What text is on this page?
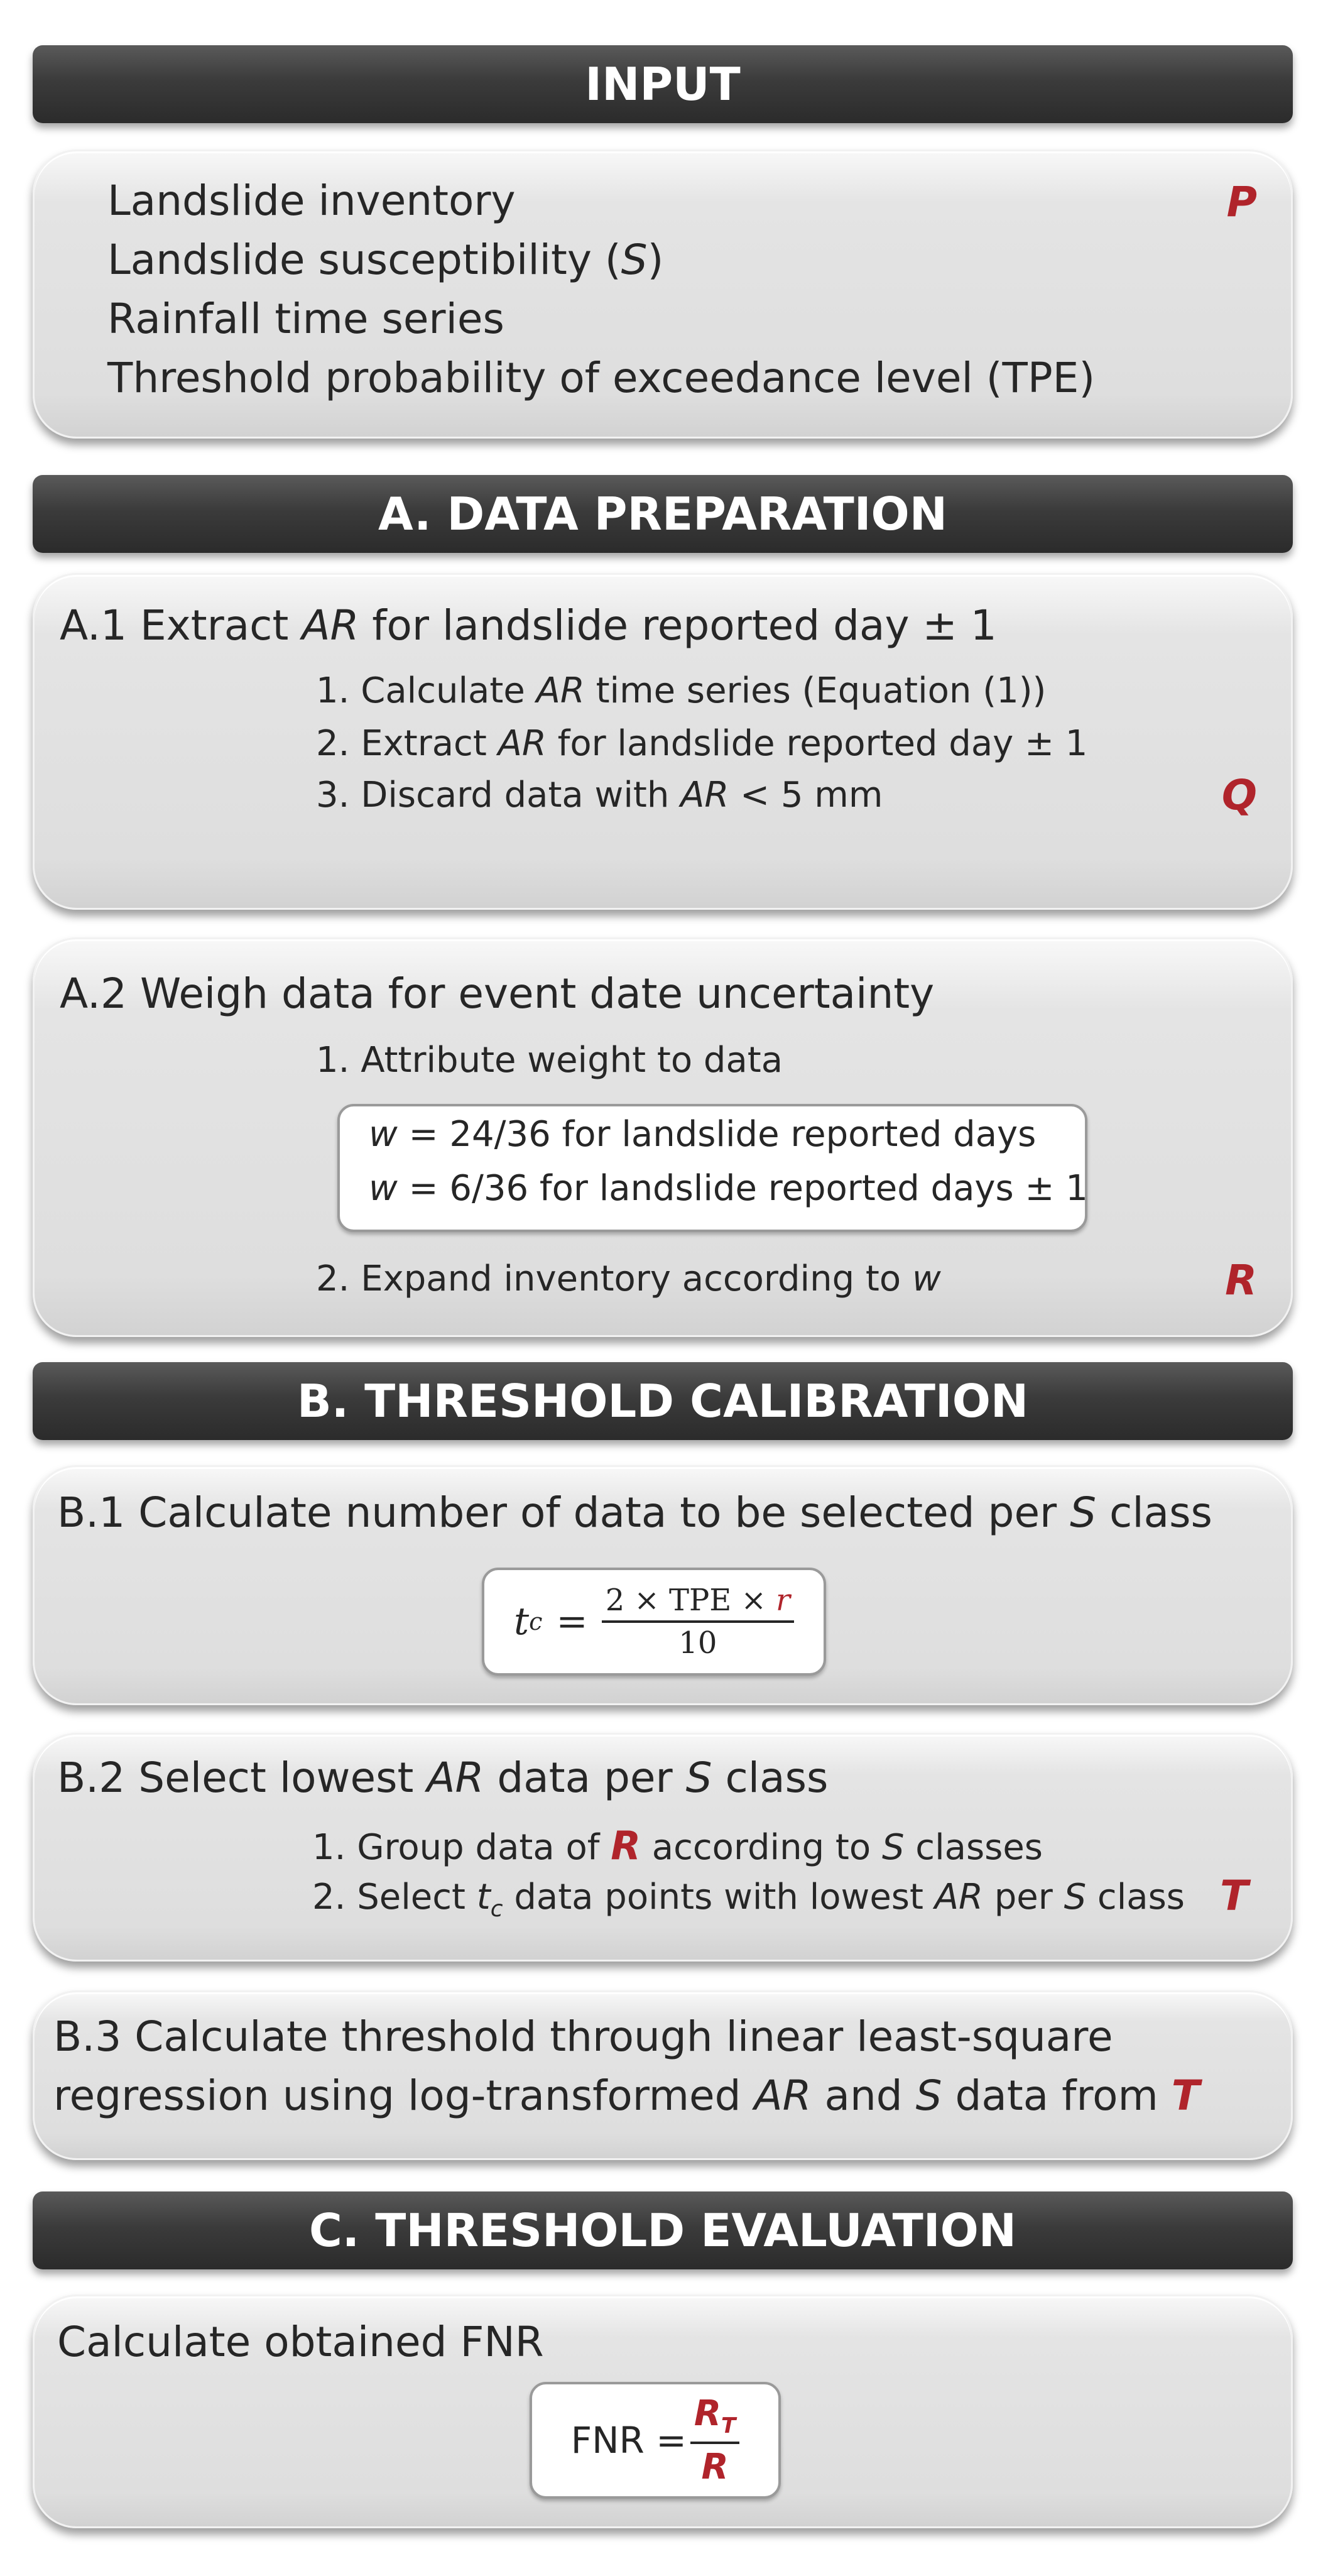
INPUT
Landslide inventory
Landslide susceptibility (S)
Rainfall time series
Threshold probability of exceedance level (TPE)
P
A. DATA PREPARATION
A.1 Extract AR for landslide reported day ± 1
1. Calculate AR time series (Equation (1))
2. Extract AR for landslide reported day ± 1
3. Discard data with AR < 5 mm	Q
A.2 Weigh data for event date uncertainty
1. Attribute weight to data
w = 24/36 for landslide reported days
w = 6/36 for landslide reported days ± 1
2. Expand inventory according to w	R
B. THRESHOLD CALIBRATION
B.1 Calculate number of data to be selected per S class
t $c = \frac{\text{2 × TPE × r}}{10}$
B.2 Select lowest AR data per S class
1. Group data of R according to S classes
2. Select $t_c$ data points with lowest AR per S class T
B.3 Calculate threshold through linear least-square
regression using log-transformed AR and S data from T
C. THRESHOLD EVALUATION
Calculate obtained FNR
FNR = $\frac{R_T}{R}$
